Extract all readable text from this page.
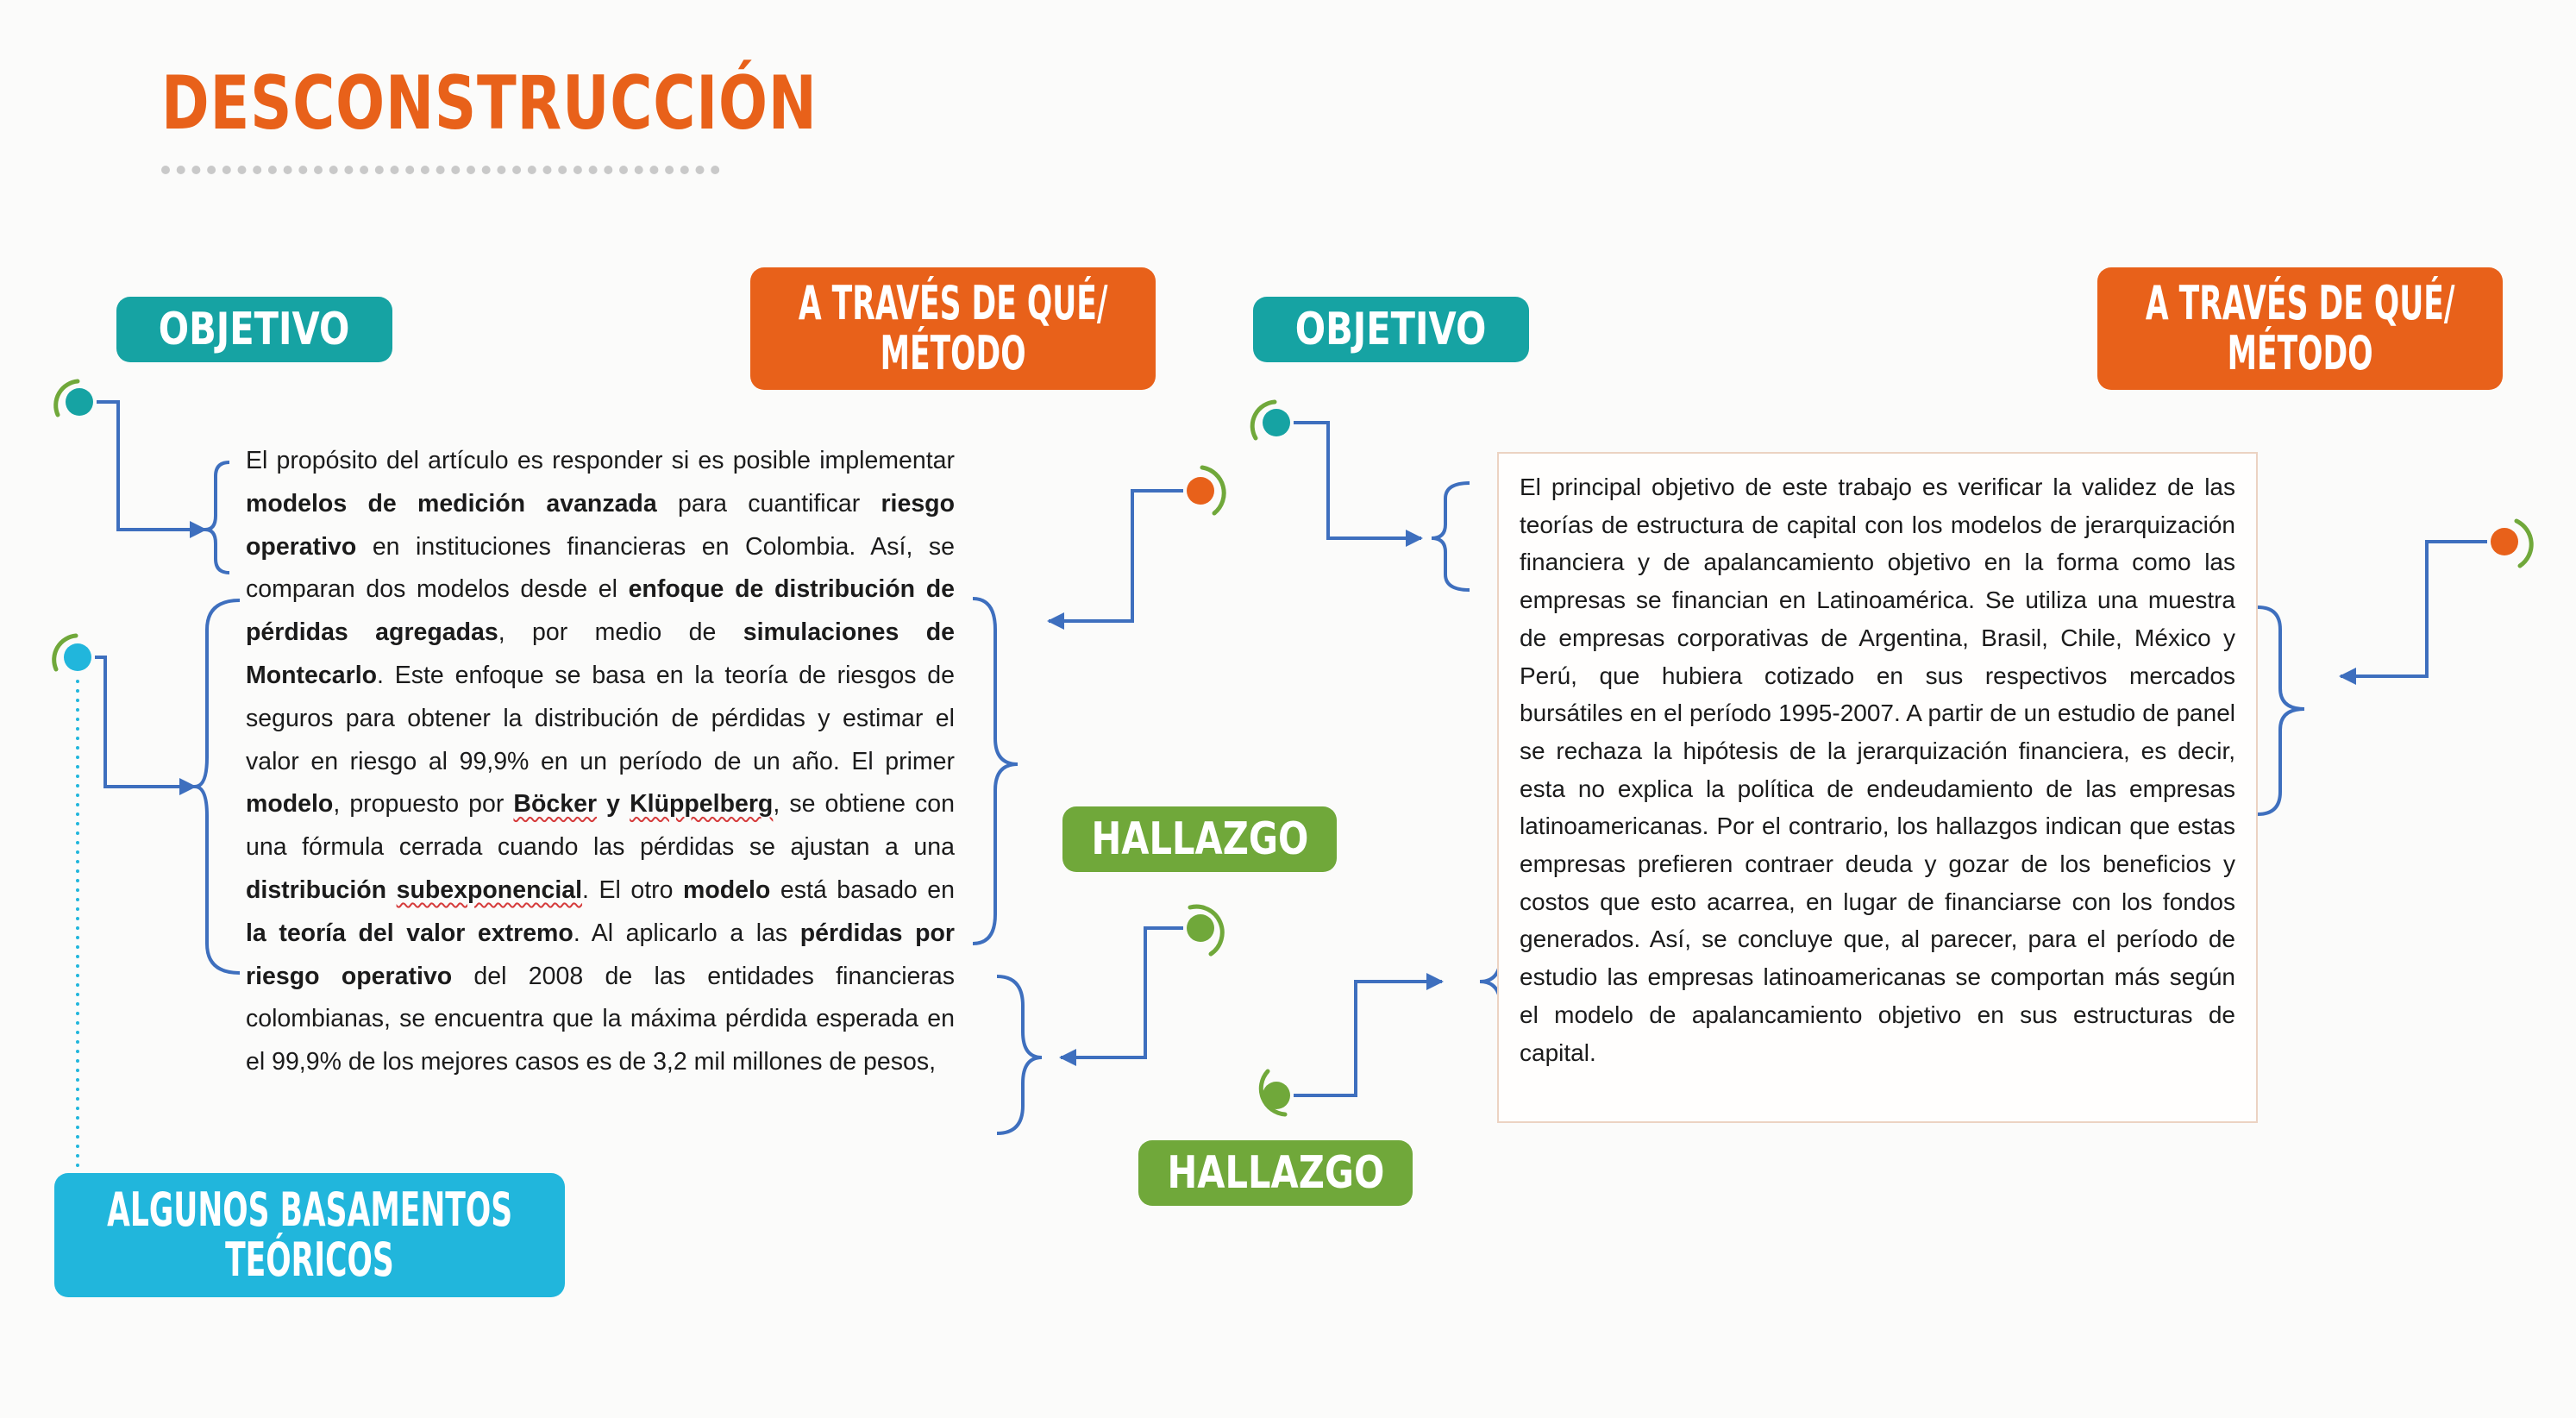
DESCONSTRUCCIÓN
OBJETIVO	A TRAVÉS DE QUÉ/
MÉTODO
HALLAZGO
ALGUNOS BASAMENTOS
TEÓRICOS
OBJETIVO	A TRAVÉS DE QUÉ/
MÉTODO
HALLAZGO

El propósito del artículo es responder si es posible implementar modelos de medición avanzada para cuantificar riesgo operativo en instituciones financieras en Colombia. Así, se comparan dos modelos desde el enfoque de distribución de pérdidas agregadas, por medio de simulaciones de Montecarlo. Este enfoque se basa en la teoría de riesgos de seguros para obtener la distribución de pérdidas y estimar el valor en riesgo al 99,9% en un período de un año. El primer modelo, propuesto por Böcker y Klüppelberg, se obtiene con una fórmula cerrada cuando las pérdidas se ajustan a una distribución subexponencial. El otro modelo está basado en la teoría del valor extremo. Al aplicarlo a las pérdidas por riesgo operativo del 2008 de las entidades financieras colombianas, se encuentra que la máxima pérdida esperada en el 99,9% de los mejores casos es de 3,2 mil millones de pesos,

El principal objetivo de este trabajo es verificar la validez de las teorías de estructura de capital con los modelos de jerarquización financiera y de apalancamiento objetivo en la forma como las empresas se financian en Latinoamérica. Se utiliza una muestra de empresas corporativas de Argentina, Brasil, Chile, México y Perú, que hubiera cotizado en sus respectivos mercados bursátiles en el período 1995-2007. A partir de un estudio de panel se rechaza la hipótesis de la jerarquización financiera, es decir, esta no explica la política de endeudamiento de las empresas latinoamericanas. Por el contrario, los hallazgos indican que estas empresas prefieren contraer deuda y gozar de los beneficios y costos que esto acarrea, en lugar de financiarse con los fondos generados. Así, se concluye que, al parecer, para el período de estudio las empresas latinoamericanas se comportan más según el modelo de apalancamiento objetivo en sus estructuras de capital.
